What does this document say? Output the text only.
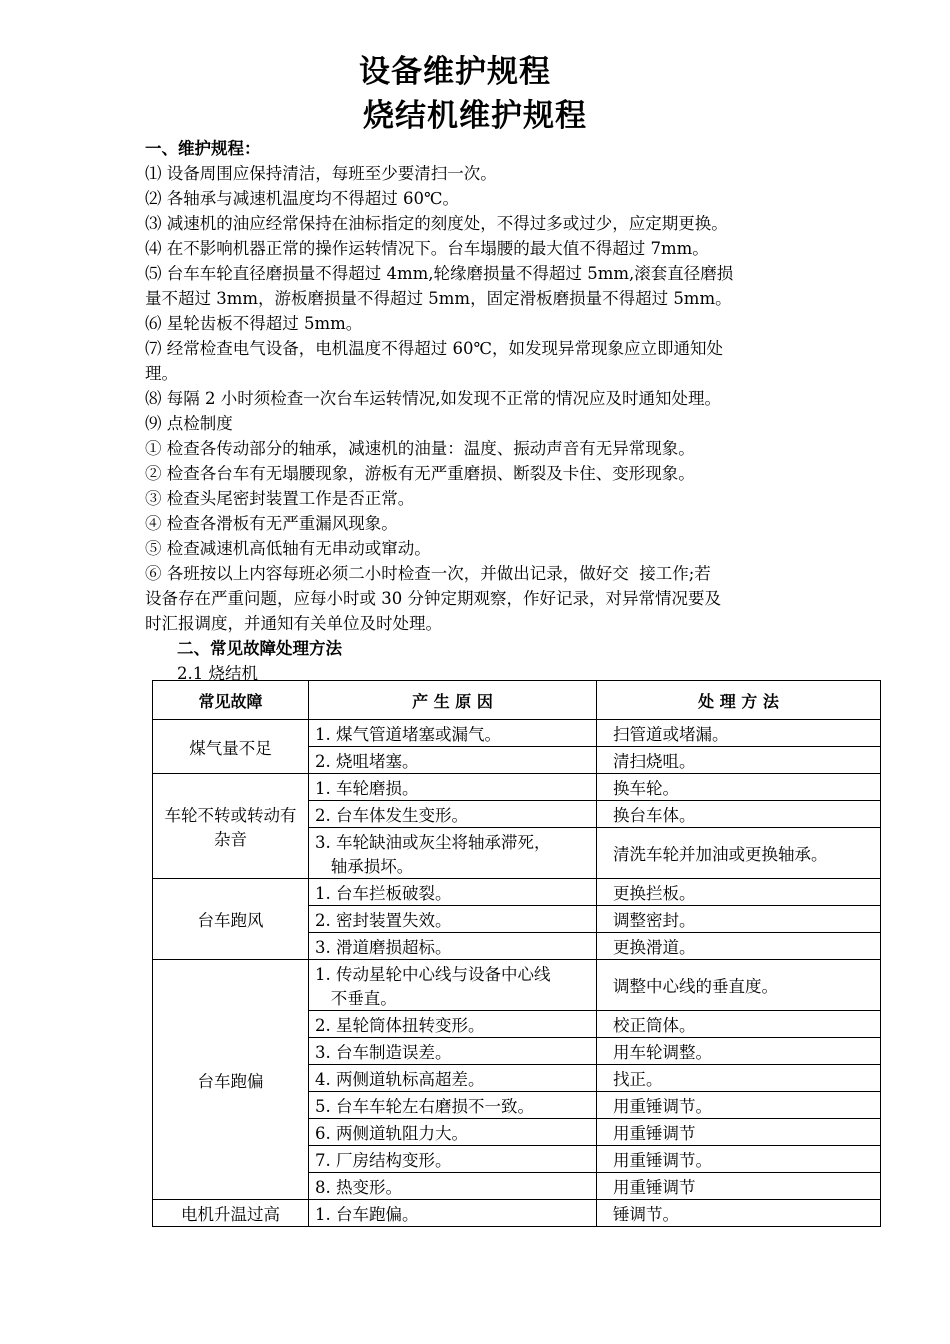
设备维护规程
烧结机维护规程
一、维护规程：
⑴ 设备周围应保持清洁，每班至少要清扫一次。
⑵ 各轴承与减速机温度均不得超过 60℃。
⑶ 减速机的油应经常保持在油标指定的刻度处，不得过多或过少，应定期更换。
⑷ 在不影响机器正常的操作运转情况下。台车塌腰的最大值不得超过 7mm。
⑸ 台车车轮直径磨损量不得超过 4mm,轮缘磨损量不得超过 5mm,滚套直径磨损
量不超过 3mm，游板磨损量不得超过 5mm，固定滑板磨损量不得超过 5mm。
⑹ 星轮齿板不得超过 5mm。
⑺ 经常检查电气设备，电机温度不得超过 60℃，如发现异常现象应立即通知处
理。
⑻ 每隔 2 小时须检查一次台车运转情况,如发现不正常的情况应及时通知处理。
⑼ 点检制度
① 检查各传动部分的轴承，减速机的油量：温度、振动声音有无异常现象。
② 检查各台车有无塌腰现象，游板有无严重磨损、断裂及卡住、变形现象。
③ 检查头尾密封装置工作是否正常。
④ 检查各滑板有无严重漏风现象。
⑤ 检查减速机高低轴有无串动或窜动。
⑥ 各班按以上内容每班必须二小时检查一次，并做出记录，做好交  接工作;若
设备存在严重问题，应每小时或 30 分钟定期观察，作好记录，对异常情况要及
时汇报调度，并通知有关单位及时处理。
二、常见故障处理方法
2.1 烧结机
常见故障	产 生 原 因	处 理 方 法
煤气量不足	1. 煤气管道堵塞或漏气。	扫管道或堵漏。
	2. 烧咀堵塞。	清扫烧咀。
车轮不转或转动有
杂音	1. 车轮磨损。	换车轮。
	2. 台车体发生变形。	换台车体。
	3. 车轮缺油或灰尘将轴承滞死，
轴承损坏。	清洗车轮并加油或更换轴承。
台车跑风	1. 台车拦板破裂。	更换拦板。
	2. 密封装置失效。	调整密封。
	3. 滑道磨损超标。	更换滑道。
台车跑偏	1. 传动星轮中心线与设备中心线
不垂直。	调整中心线的垂直度。
	2. 星轮筒体扭转变形。	校正筒体。
	3. 台车制造误差。	用车轮调整。
	4. 两侧道轨标高超差。	找正。
	5. 台车车轮左右磨损不一致。	用重锤调节。
	6. 两侧道轨阻力大。	用重锤调节
	7. 厂房结构变形。	用重锤调节。
	8. 热变形。	用重锤调节
电机升温过高	1. 台车跑偏。	锤调节。
